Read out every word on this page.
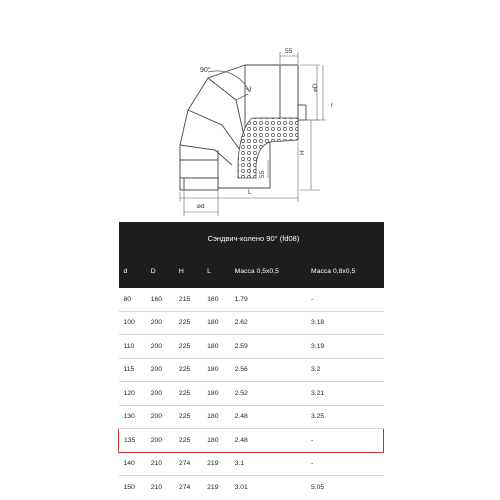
90°
55
⌀D
r
H
55
L
⌀d
Сэндвич-колено 90° (fd08)					
d	D	H	L	Масса 0,5х0,5	Масса 0,8х0,5
80	160	215	160	1.79	-
100	200	225	180	2.62	3.18
110	200	225	180	2.59	3.19
115	200	225	180	2.56	3.2
120	200	225	180	2.52	3.21
130	200	225	180	2.48	3.25
135	200	225	180	2.48	-
140	210	274	219	3.1	-
150	210	274	219	3.01	5.05
